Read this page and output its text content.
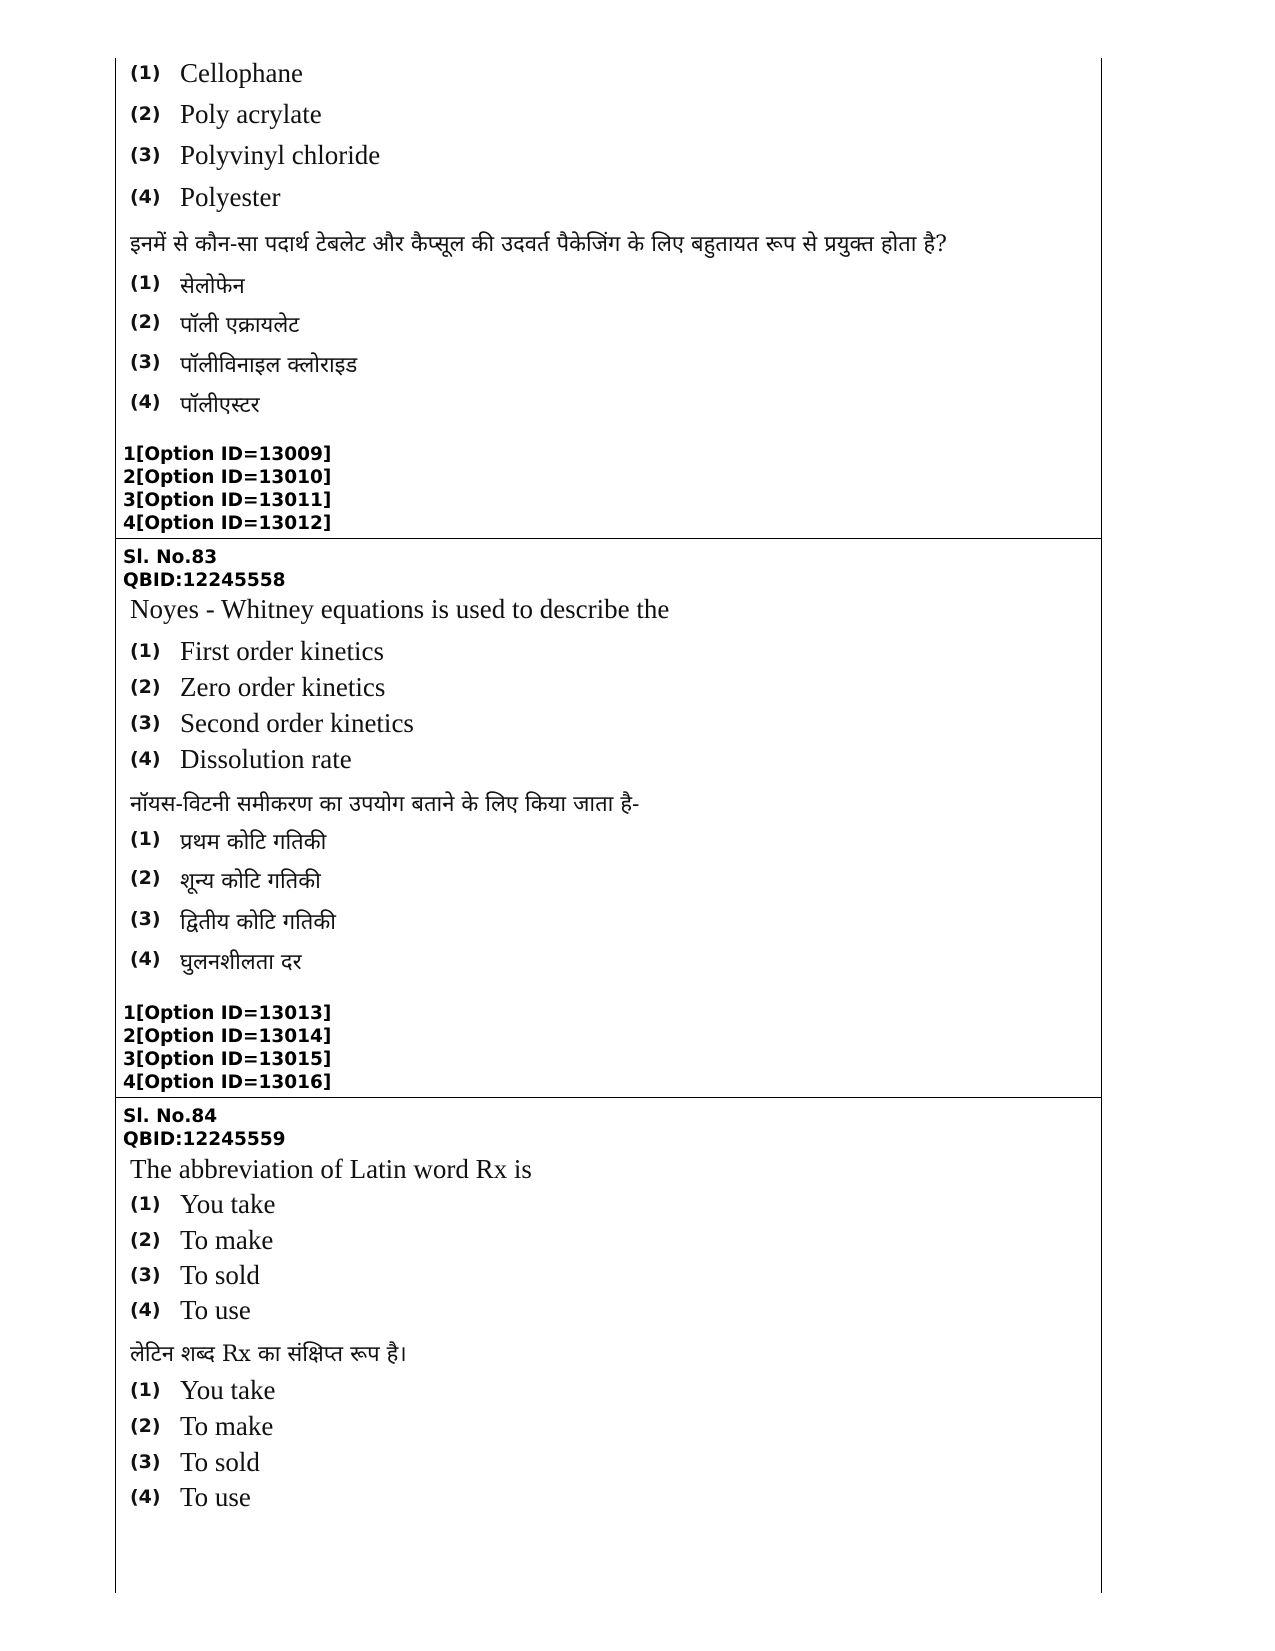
(1) Cellophane
(2) Poly acrylate
(3) Polyvinyl chloride
(4) Polyester
इनमें से कौन-सा पदार्थ टेबलेट और कैप्सूल की उदवर्त पैकेजिंग के लिए बहुतायत रूप से प्रयुक्त होता है?
(1) सेलोफेन
(2) पॉली एक्रायलेट
(3) पॉलीविनाइल क्लोराइड
(4) पॉलीएस्टर
1[Option ID=13009]
2[Option ID=13010]
3[Option ID=13011]
4[Option ID=13012]
Sl. No.83
QBID:12245558
Noyes - Whitney equations is used to describe the
(1) First order kinetics
(2) Zero order kinetics
(3) Second order kinetics
(4) Dissolution rate
नॉयस-विटनी समीकरण का उपयोग बताने के लिए किया जाता है-
(1) प्रथम कोटि गतिकी
(2) शून्य कोटि गतिकी
(3) द्वितीय कोटि गतिकी
(4) घुलनशीलता दर
1[Option ID=13013]
2[Option ID=13014]
3[Option ID=13015]
4[Option ID=13016]
Sl. No.84
QBID:12245559
The abbreviation of Latin word Rx is
(1) You take
(2) To make
(3) To sold
(4) To use
लेटिन शब्द Rx का संक्षिप्त रूप है।
(1) You take
(2) To make
(3) To sold
(4) To use
